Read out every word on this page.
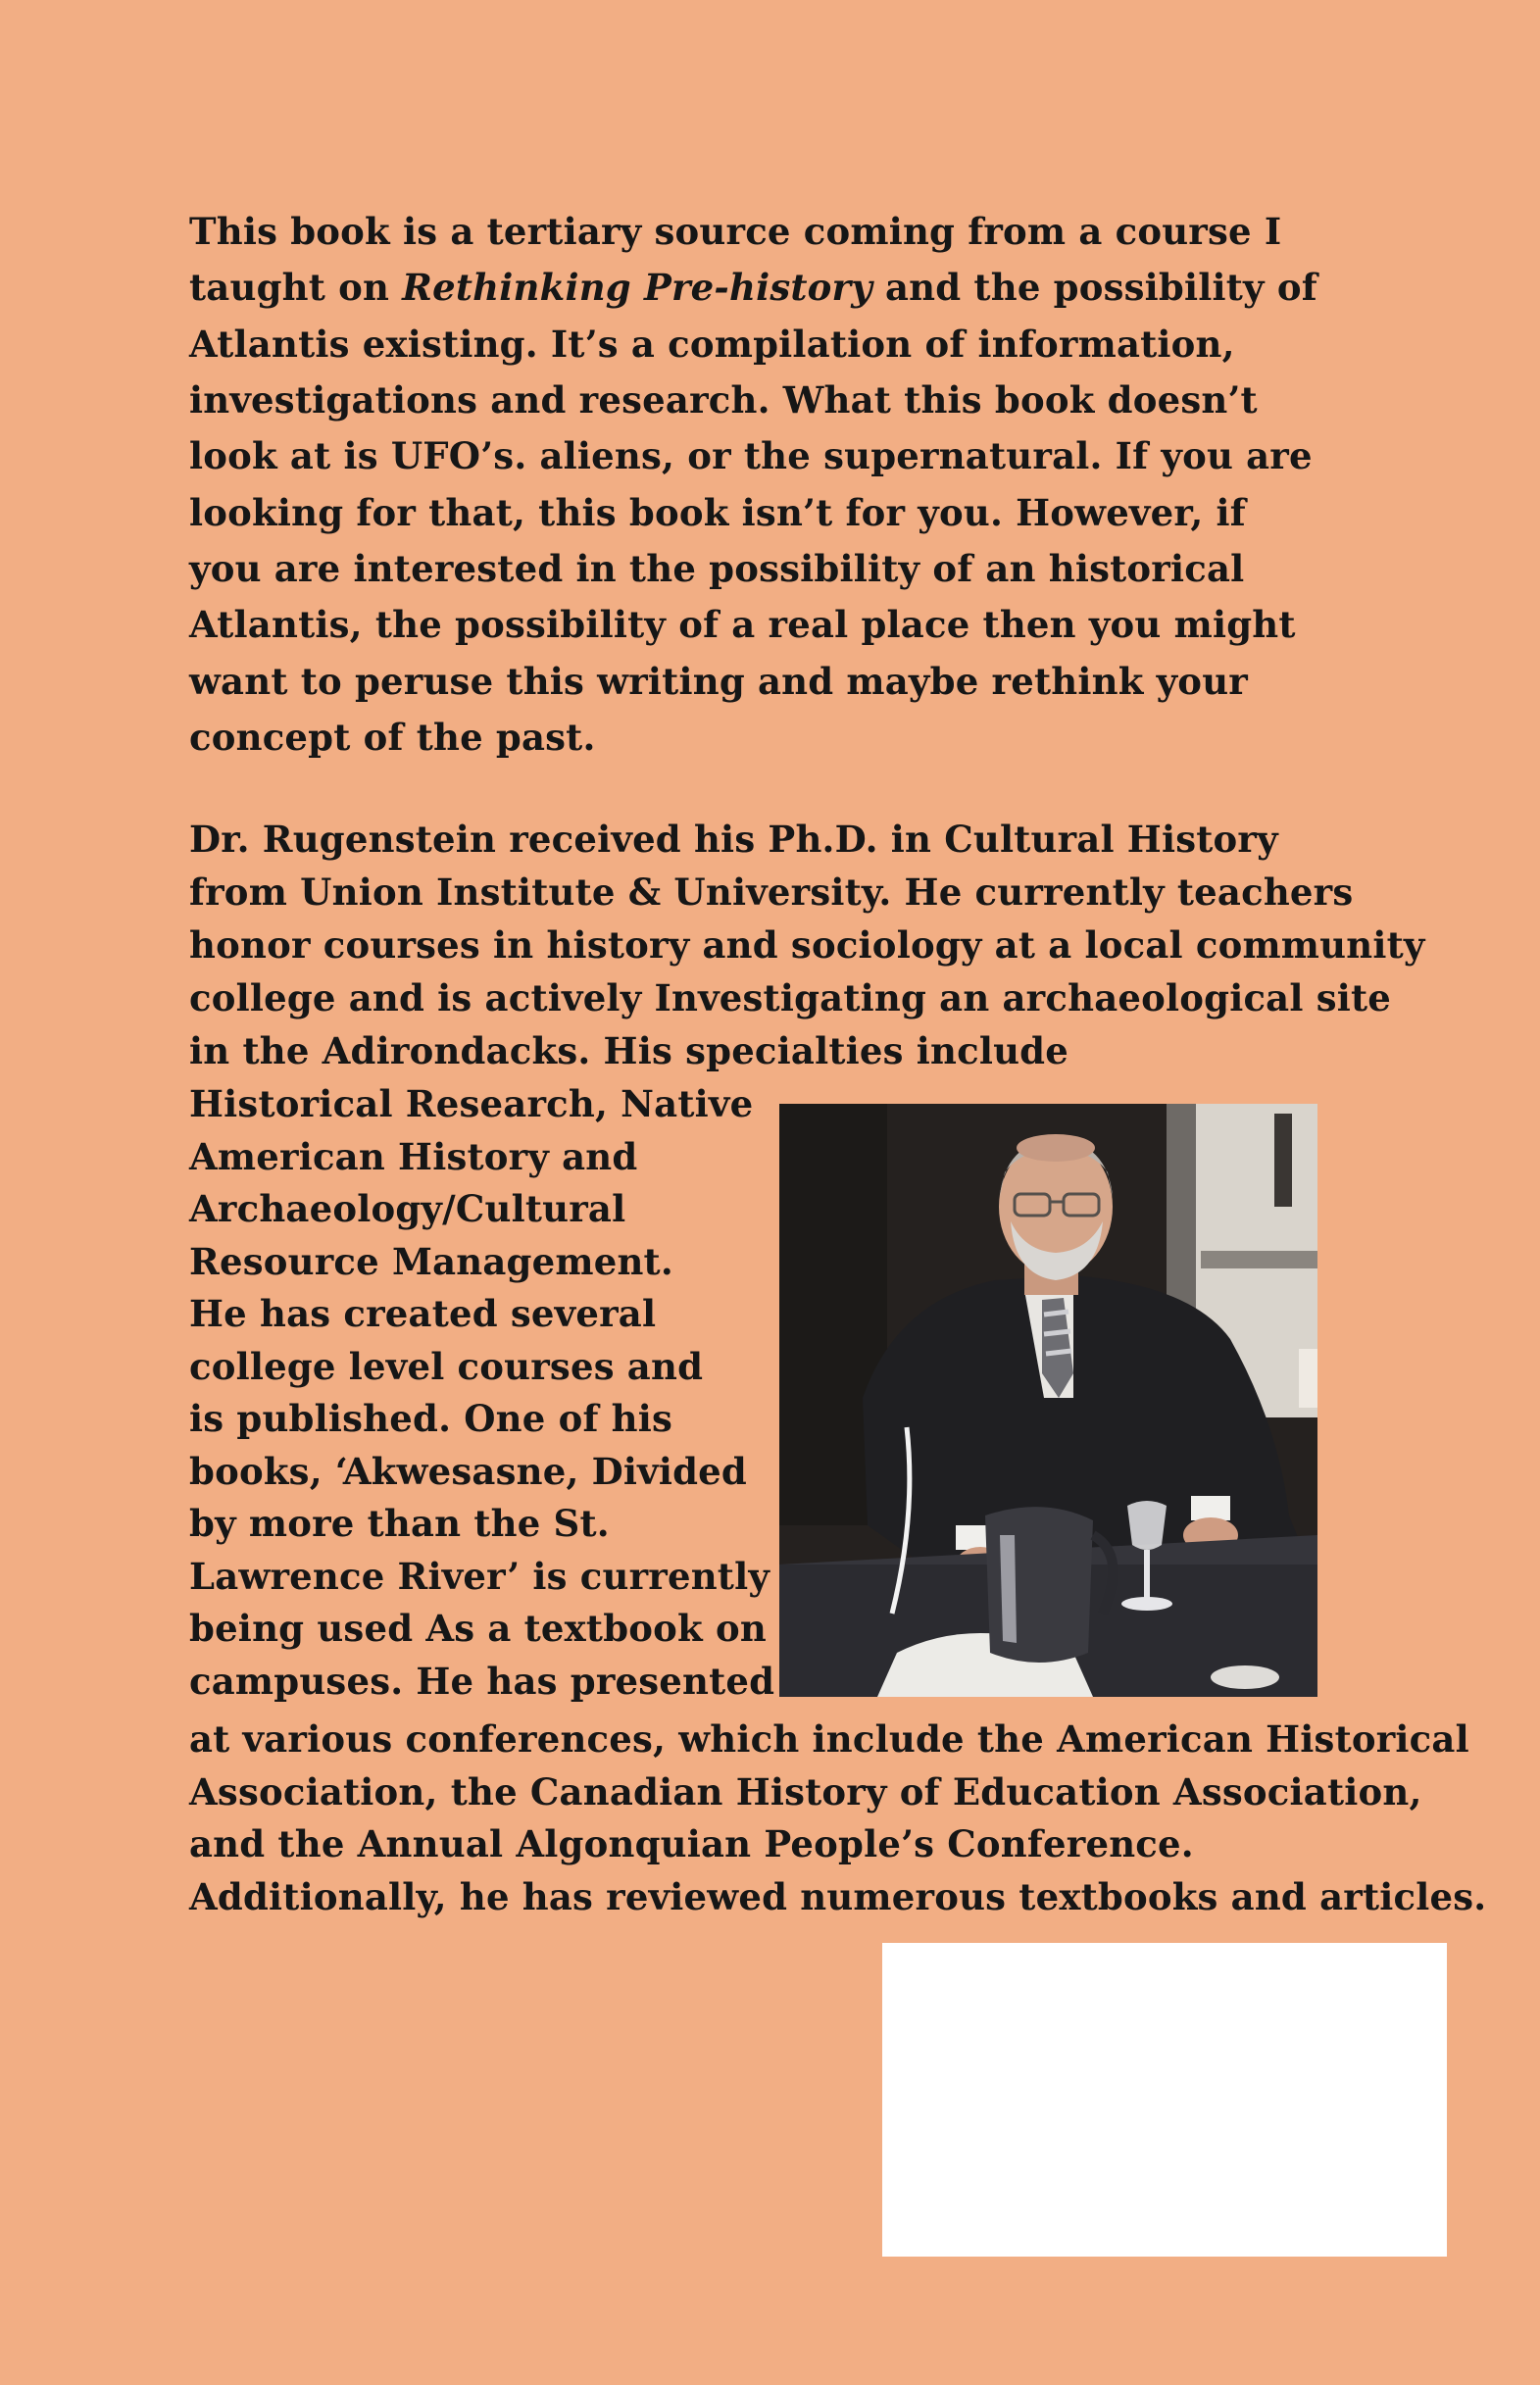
This book is a tertiary source coming from a course I
taught on Rethinking Pre-history and the possibility of
Atlantis existing. It’s a compilation of information,
investigations and research. What this book doesn’t
look at is UFO’s. aliens, or the supernatural. If you are
looking for that, this book isn’t for you. However, if
you are interested in the possibility of an historical
Atlantis, the possibility of a real place then you might
want to peruse this writing and maybe rethink your
concept of the past.

Dr. Rugenstein received his Ph.D. in Cultural History
from Union Institute & University. He currently teachers
honor courses in history and sociology at a local community
college and is actively Investigating an archaeological site
in the Adirondacks. His specialties include

Historical Research, Native
American History and
Archaeology/Cultural
Resource Management.
He has created several
college level courses and
is published. One of his
books, ‘Akwesasne, Divided
by more than the St.
Lawrence River’ is currently
being used As a textbook on
campuses. He has presented

at various conferences, which include the American Historical
Association, the Canadian History of Education Association,
and the Annual Algonquian People’s Conference.
Additionally, he has reviewed numerous textbooks and articles.
